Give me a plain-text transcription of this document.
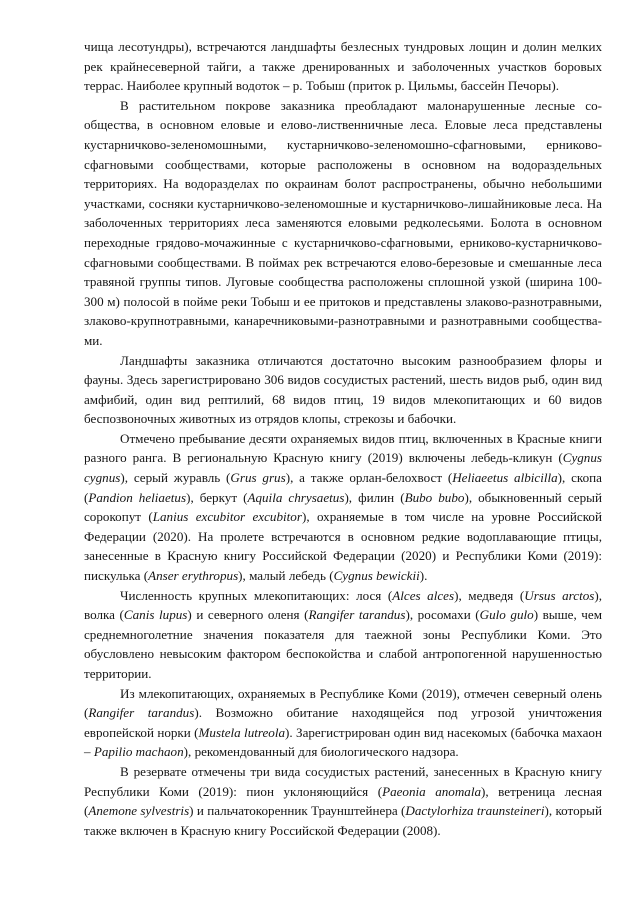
чища лесотундры), встречаются ландшафты безлесных тундровых лощин и долин мелких рек крайнесеверной тайги, а также дренированных и заболоченных участков боровых террас. Наиболее крупный водоток – р. Тобыш (приток р. Цильмы, бассейн Печоры).

В растительном покрове заказника преобладают малонарушенные лесные сообщества, в основном еловые и елово-лиственничные леса. Еловые леса представлены кустарничково-зеленомошными, кустарничково-зеленомошно-сфагновыми, ерниково-сфагновыми сообществами, которые расположены в основном на водораздельных территориях. На водоразделах по окраинам болот распространены, обычно небольшими участками, сосняки кустарничково-зеленомошные и кустарничково-лишайниковые леса. На заболоченных территориях леса заменяются еловыми редколесьями. Болота в основном переходные грядово-мочажинные с кустарничково-сфагновыми, ерниково-кустарничково-сфагновыми сообществами. В поймах рек встречаются елово-березовые и смешанные леса травяной группы типов. Луговые сообщества расположены сплошной узкой (ширина 100-300 м) полосой в пойме реки Тобыш и ее притоков и представлены злаково-разнотравными, злаково-крупнотравными, канаречниковыми-разнотравными и разнотравными сообществами.

Ландшафты заказника отличаются достаточно высоким разнообразием флоры и фауны. Здесь зарегистрировано 306 видов сосудистых растений, шесть видов рыб, один вид амфибий, один вид рептилий, 68 видов птиц, 19 видов млекопитающих и 60 видов беспозвоночных животных из отрядов клопы, стрекозы и бабочки.

Отмечено пребывание десяти охраняемых видов птиц, включенных в Красные книги разного ранга. В региональную Красную книгу (2019) включены лебедь-кликун (Cygnus cygnus), серый журавль (Grus grus), а также орлан-белохвост (Heliaeetus albicilla), скопа (Pandion heliaetus), беркут (Aquila chrysaetus), филин (Bubo bubo), обыкновенный серый сорокопут (Lanius excubitor excubitor), охраняемые в том числе на уровне Российской Федерации (2020). На пролете встречаются в основном редкие водоплавающие птицы, занесенные в Красную книгу Российской Федерации (2020) и Республики Коми (2019): пискулька (Anser erythropus), малый лебедь (Cygnus bewickii).

Численность крупных млекопитающих: лося (Alces alces), медведя (Ursus arctos), волка (Canis lupus) и северного оленя (Rangifer tarandus), росомахи (Gulo gulo) выше, чем среднемноголетние значения показателя для таежной зоны Республики Коми. Это обусловлено невысоким фактором беспокойства и слабой антропогенной нарушенностью территории.

Из млекопитающих, охраняемых в Республике Коми (2019), отмечен северный олень (Rangifer tarandus). Возможно обитание находящейся под угрозой уничтожения европейской норки (Mustela lutreola). Зарегистрирован один вид насекомых (бабочка махаон – Papilio machaon), рекомендованный для биологического надзора.

В резервате отмечены три вида сосудистых растений, занесенных в Красную книгу Республики Коми (2019): пион уклоняющийся (Paeonia anomala), ветреница лесная (Anemone sylvestris) и пальчатокоренник Траунштейнера (Dactylorhiza traunsteineri), который также включен в Красную книгу Российской Федерации (2008).
